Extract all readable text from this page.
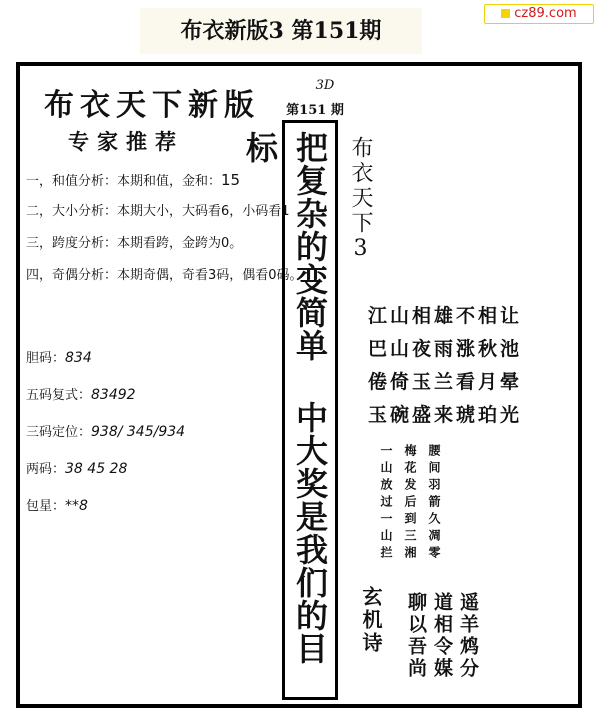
布衣新版3 第151期
cz89.com
布衣天下新版
专家推荐
一，和值分析：本期和值，金和：15
二，大小分析：本期大小，大码看6，小码看1
三，跨度分析：本期看跨，金跨为0。
四，奇偶分析：本期奇偶，奇看3码，偶看0码。
胆码：834
五码复式：83492
三码定位：938/ 345/934
两码：38 45 28
包星：**8
3D
第151 期
把复杂的变简单 中大奖是我们的目标	布衣天下3
江山相雄不相让
巴山夜雨涨秋池
倦倚玉兰看月晕
玉碗盛来琥珀光
腰间羽箭久凋零
梅花发后到三湘
一山放过一山拦
玄机诗	遥羊鸩分
道相令媒
聊以吾尚
